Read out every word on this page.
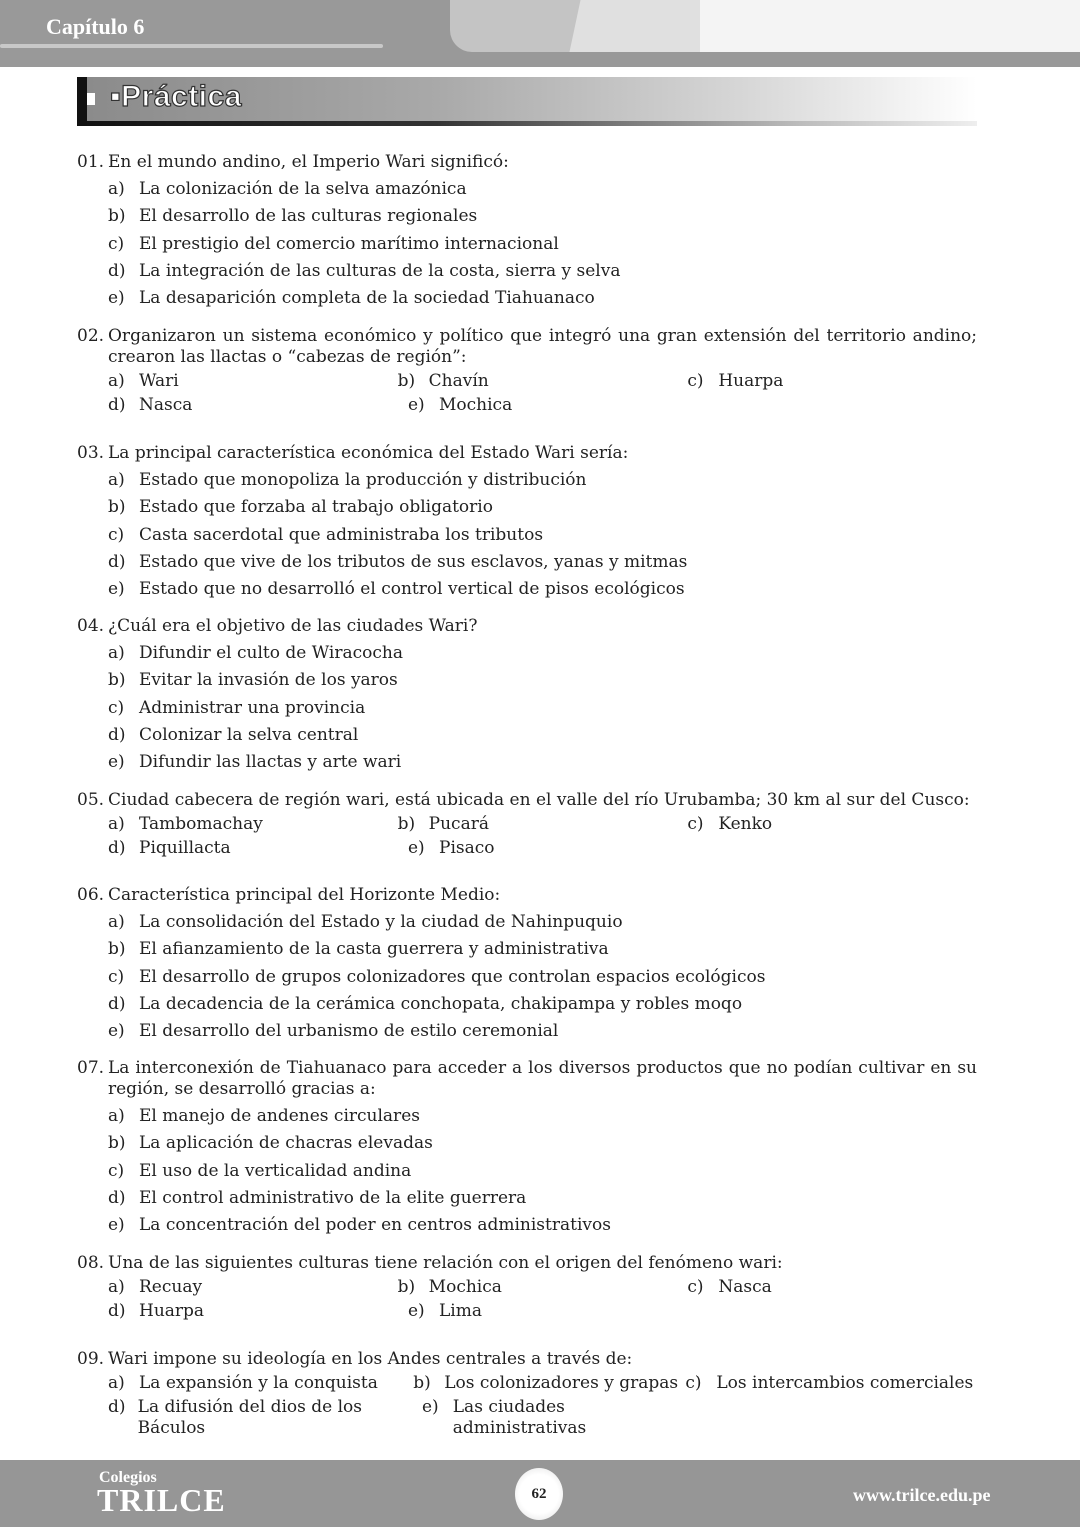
Capítulo 6
▪Práctica
01. En el mundo andino, el Imperio Wari significó:
a) La colonización de la selva amazónica
b) El desarrollo de las culturas regionales
c) El prestigio del comercio marítimo internacional
d) La integración de las culturas de la costa, sierra y selva
e) La desaparición completa de la sociedad Tiahuanaco
02. Organizaron un sistema económico y político que integró una gran extensión del territorio andino; crearon las llactas o “cabezas de región”:
a) Wari	b) Chavín	c) Huarpa
d) Nasca	e) Mochica
03. La principal característica económica del Estado Wari sería:
a) Estado que monopoliza la producción y distribución
b) Estado que forzaba al trabajo obligatorio
c) Casta sacerdotal que administraba los tributos
d) Estado que vive de los tributos de sus esclavos, yanas y mitmas
e) Estado que no desarrolló el control vertical de pisos ecológicos
04. ¿Cuál era el objetivo de las ciudades Wari?
a) Difundir el culto de Wiracocha
b) Evitar la invasión de los yaros
c) Administrar una provincia
d) Colonizar la selva central
e) Difundir las llactas y arte wari
05. Ciudad cabecera de región wari, está ubicada en el valle del río Urubamba; 30 km al sur del Cusco:
a) Tambomachay	b) Pucará	c) Kenko
d) Piquillacta	e) Pisaco
06. Característica principal del Horizonte Medio:
a) La consolidación del Estado y la ciudad de Nahinpuquio
b) El afianzamiento de la casta guerrera y administrativa
c) El desarrollo de grupos colonizadores que controlan espacios ecológicos
d) La decadencia de la cerámica conchopata, chakipampa y robles moqo
e) El desarrollo del urbanismo de estilo ceremonial
07. La interconexión de Tiahuanaco para acceder a los diversos productos que no podían cultivar en su región, se desarrolló gracias a:
a) El manejo de andenes circulares
b) La aplicación de chacras elevadas
c) El uso de la verticalidad andina
d) El control administrativo de la elite guerrera
e) La concentración del poder en centros administrativos
08. Una de las siguientes culturas tiene relación con el origen del fenómeno wari:
a) Recuay	b) Mochica	c) Nasca
d) Huarpa	e) Lima
09. Wari impone su ideología en los Andes centrales a través de:
a) La expansión y la conquista b) Los colonizadores y grapas c) Los intercambios comerciales
d) La difusión del dios de los Báculos
e) Las ciudades administrativas
Colegios
TRILCE	62	www.trilce.edu.pe
